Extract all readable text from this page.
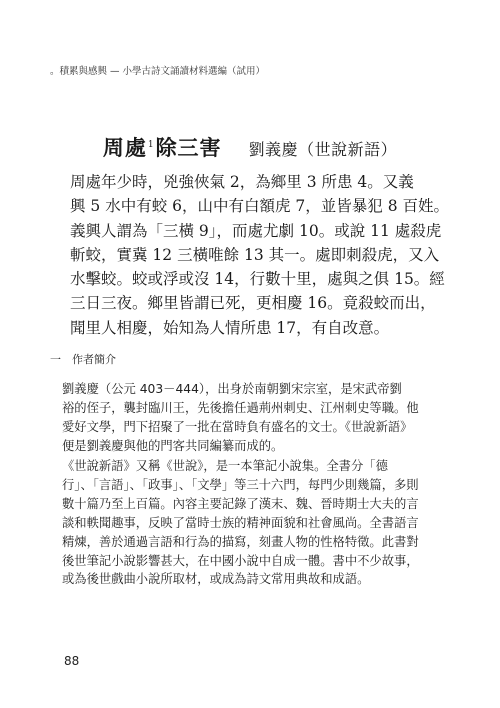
。積累與感興 — 小學古詩文誦讀材料選編（試用）
周處$^1$除三害 劉義慶（世說新語）
周處年少時，兇強俠氣 2，為鄉里 3 所患 4。又義
興 5 水中有蛟 6，山中有白額虎 7，並皆暴犯 8 百姓。
義興人謂為「三橫 9」，而處尤劇 10。或說 11 處殺虎
斬蛟，實冀 12 三橫唯餘 13 其一。處即刺殺虎，又入
水擊蛟。蛟或浮或沒 14，行數十里，處與之俱 15。經
三日三夜。鄉里皆謂已死，更相慶 16。竟殺蛟而出，
聞里人相慶，始知為人情所患 17，有自改意。
一　作者簡介
劉義慶（公元 403－444），出身於南朝劉宋宗室，是宋武帝劉
裕的侄子，襲封臨川王，先後擔任過荊州刺史、江州刺史等職。他
愛好文學，門下招聚了一批在當時負有盛名的文士。《世說新語》
便是劉義慶與他的門客共同編纂而成的。
《世說新語》又稱《世說》，是一本筆記小說集。全書分「德
行」、「言語」、「政事」、「文學」等三十六門，每門少則幾篇，多則
數十篇乃至上百篇。內容主要記錄了漢末、魏、晉時期士大夫的言
談和軼聞趣事，反映了當時士族的精神面貌和社會風尚。全書語言
精煉，善於通過言語和行為的描寫，刻畫人物的性格特徵。此書對
後世筆記小說影響甚大，在中國小說中自成一體。書中不少故事，
或為後世戲曲小說所取材，或成為詩文常用典故和成語。
88
